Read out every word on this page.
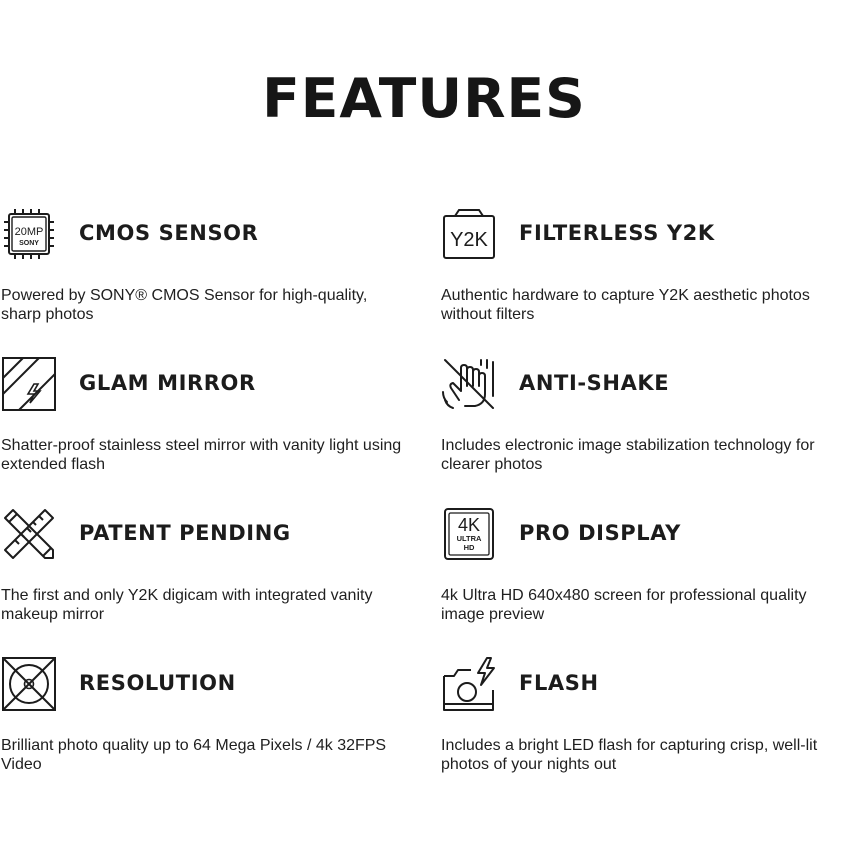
FEATURES
20MP
SONY CMOS SENSOR
Powered by SONY® CMOS Sensor for high-quality, sharp photos
Y2K FILTERLESS Y2K
Authentic hardware to capture Y2K aesthetic photos without filters
GLAM MIRROR
Shatter-proof stainless steel mirror with vanity light using extended flash
ANTI-SHAKE
Includes electronic image stabilization technology for clearer photos
PATENT PENDING
The first and only Y2K digicam with integrated vanity makeup mirror
4K
ULTRA
HD
PRO DISPLAY
4k Ultra HD 640x480 screen for professional quality image preview
RESOLUTION
Brilliant photo quality up to 64 Mega Pixels / 4k 32FPS Video
FLASH
Includes a bright LED flash for capturing crisp, well-lit photos of your nights out
